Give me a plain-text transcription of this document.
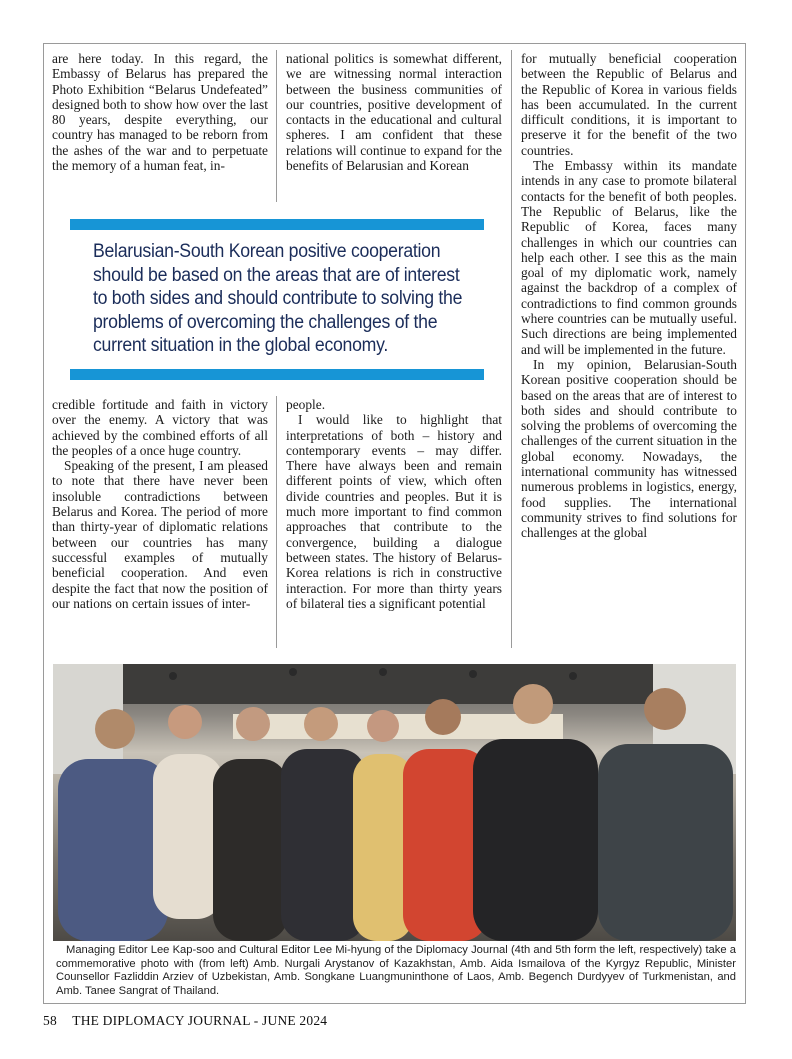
are here today. In this regard, the Embassy of Belarus has prepared the Photo Exhibition “Belarus Undefeated” designed both to show how over the last 80 years, despite everything, our country has managed to be reborn from the ashes of the war and to perpetuate the memory of a human feat, in-

national politics is somewhat different, we are witnessing normal interaction between the business communities of our countries, positive development of contacts in the educational and cultural spheres. I am confident that these relations will continue to expand for the benefits of Belarusian and Korean

Belarusian-South Korean positive cooperation should be based on the areas that are of interest to both sides and should contribute to solving the problems of overcoming the challenges of the current situation in the global economy.

credible fortitude and faith in victory over the enemy. A victory that was achieved by the combined efforts of all the peoples of a once huge country.

Speaking of the present, I am pleased to note that there have never been insoluble contradictions between Belarus and Korea. The period of more than thirty-year of diplomatic relations between our countries has many successful examples of mutually beneficial cooperation. And even despite the fact that now the position of our nations on certain issues of inter-

people.

I would like to highlight that interpretations of both – history and contemporary events – may differ. There have always been and remain different points of view, which often divide countries and peoples. But it is much more important to find common approaches that contribute to the convergence, building a dialogue between states. The history of Belarus-Korea relations is rich in constructive interaction. For more than thirty years of bilateral ties a significant potential

for mutually beneficial cooperation between the Republic of Belarus and the Republic of Korea in various fields has been accumulated. In the current difficult conditions, it is important to preserve it for the benefit of the two countries.

The Embassy within its mandate intends in any case to promote bilateral contacts for the benefit of both peoples. The Republic of Belarus, like the Republic of Korea, faces many challenges in which our countries can help each other. I see this as the main goal of my diplomatic work, namely against the backdrop of a complex of contradictions to find common grounds where countries can be mutually useful. Such directions are being implemented and will be implemented in the future.

In my opinion, Belarusian-South Korean positive cooperation should be based on the areas that are of interest to both sides and should contribute to solving the problems of overcoming the challenges of the current situation in the global economy. Nowadays, the international community has witnessed numerous problems in logistics, energy, food supplies. The international community strives to find solutions for challenges at the global

Managing Editor Lee Kap-soo and Cultural Editor Lee Mi-hyung of the Diplomacy Journal (4th and 5th form the left, respectively) take a commemorative photo with (from left) Amb. Nurgali Arystanov of Kazakhstan, Amb. Aida Ismailova of the Kyrgyz Republic, Minister Counsellor Fazliddin Arziev of Uzbekistan, Amb. Songkane Luangmuninthone of Laos, Amb. Begench Durdyyev of Turkmenistan, and Amb. Tanee Sangrat of Thailand.
58 THE DIPLOMACY JOURNAL - JUNE 2024
